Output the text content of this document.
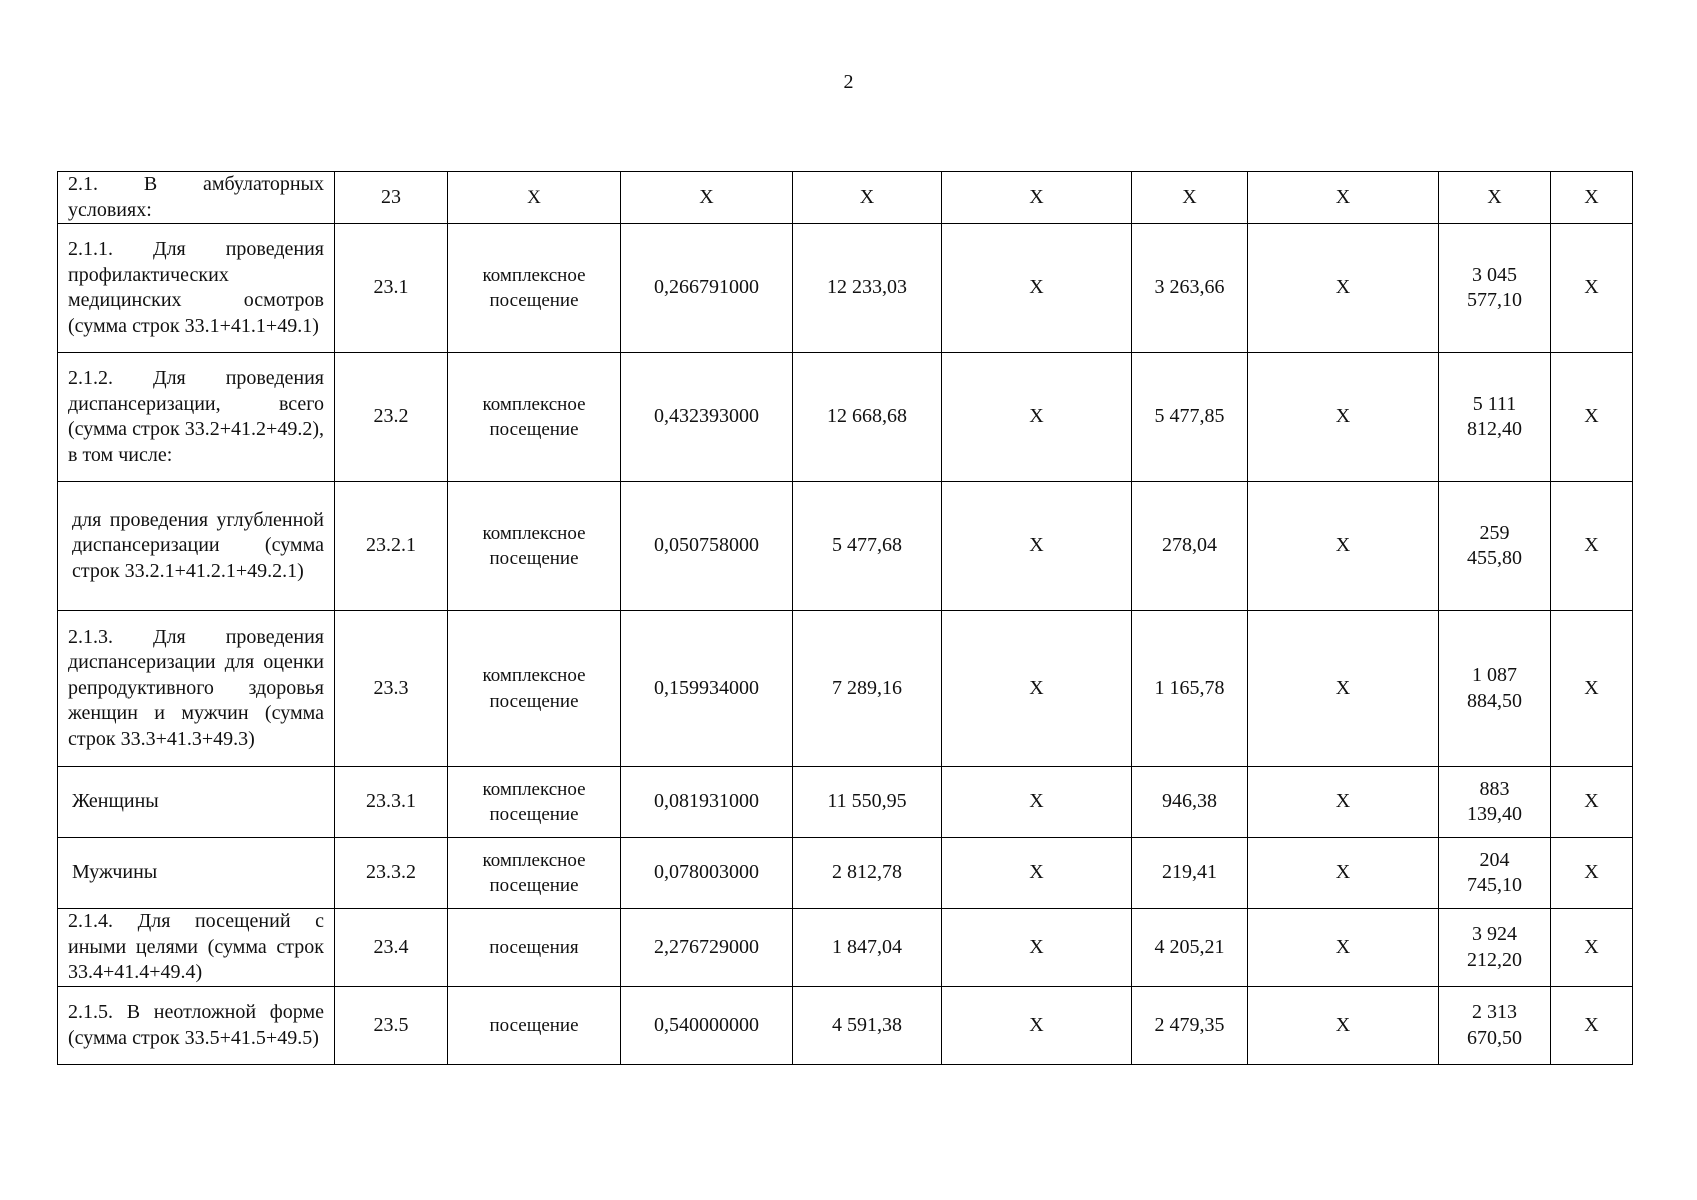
2
2.1. В амбулаторных условиях:	23	Х	Х	Х	Х	Х	Х	Х	Х
2.1.1. Для проведения профилактических медицинских осмотров (сумма строк 33.1+41.1+49.1)	23.1	комплексное посещение	0,266791000	12 233,03	Х	3 263,66	Х	3 045 577,10	Х
2.1.2. Для проведения диспансеризации, всего (сумма строк 33.2+41.2+49.2), в том числе:	23.2	комплексное посещение	0,432393000	12 668,68	Х	5 477,85	Х	5 111 812,40	Х
для проведения углубленной диспансеризации (сумма строк 33.2.1+41.2.1+49.2.1)	23.2.1	комплексное посещение	0,050758000	5 477,68	Х	278,04	Х	259 455,80	Х
2.1.3. Для проведения диспансеризации для оценки репродуктивного здоровья женщин и мужчин (сумма строк 33.3+41.3+49.3)	23.3	комплексное посещение	0,159934000	7 289,16	Х	1 165,78	Х	1 087 884,50	Х
Женщины	23.3.1	комплексное посещение	0,081931000	11 550,95	Х	946,38	Х	883 139,40	Х
Мужчины	23.3.2	комплексное посещение	0,078003000	2 812,78	Х	219,41	Х	204 745,10	Х
2.1.4. Для посещений с иными целями (сумма строк 33.4+41.4+49.4)	23.4	посещения	2,276729000	1 847,04	Х	4 205,21	Х	3 924 212,20	Х
2.1.5. В неотложной форме (сумма строк 33.5+41.5+49.5)	23.5	посещение	0,540000000	4 591,38	Х	2 479,35	Х	2 313 670,50	Х
